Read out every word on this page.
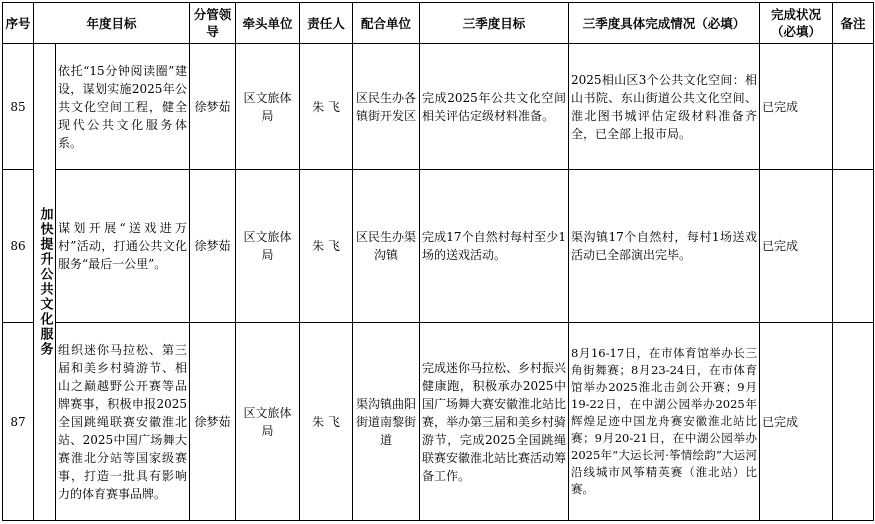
序号	年度目标		分管领导	牵头单位	责任人	配合单位	三季度目标	三季度具体完成情况（必填）	完成状况（必填）	备注
85	加快提升公共文化服务	依托“15分钟阅读圈”建设，谋划实施2025年公共文化空间工程，健全现代公共文化服务体系。	徐梦茹	区文旅体局	朱 飞	区民生办各镇街开发区	完成2025年公共文化空间相关评估定级材料准备。	2025相山区3个公共文化空间：相山书院、东山街道公共文化空间、淮北图书城评估定级材料准备齐全，已全部上报市局。	已完成	
86		谋划开展“送戏进万村”活动，打通公共文化服务“最后一公里”。	徐梦茹	区文旅体局	朱 飞	区民生办渠沟镇	完成17个自然村每村至少1场的送戏活动。	渠沟镇17个自然村，每村1场送戏活动已全部演出完毕。	已完成	
87		组织迷你马拉松、第三届和美乡村骑游节、相山之巅越野公开赛等品牌赛事，积极申报2025全国跳绳联赛安徽淮北站、2025中国广场舞大赛淮北分站等国家级赛事，打造一批具有影响力的体育赛事品牌。	徐梦茹	区文旅体局	朱 飞	渠沟镇曲阳街道南黎街道	完成迷你马拉松、乡村振兴健康跑，积极承办2025中国广场舞大赛安徽淮北站比赛，举办第三届和美乡村骑游节，完成2025全国跳绳联赛安徽淮北站比赛活动筹备工作。	8月16-17日，在市体育馆举办长三角街舞赛；8月23-24日，在市体育馆举办2025淮北击剑公开赛；9月19-22日，在中湖公园举办2025年辉煌足迹中国龙舟赛安徽淮北站比赛；9月20-21日，在中湖公园举办2025年“大运长河·筝情绘韵”大运河沿线城市风筝精英赛（淮北站）比赛。	已完成	
